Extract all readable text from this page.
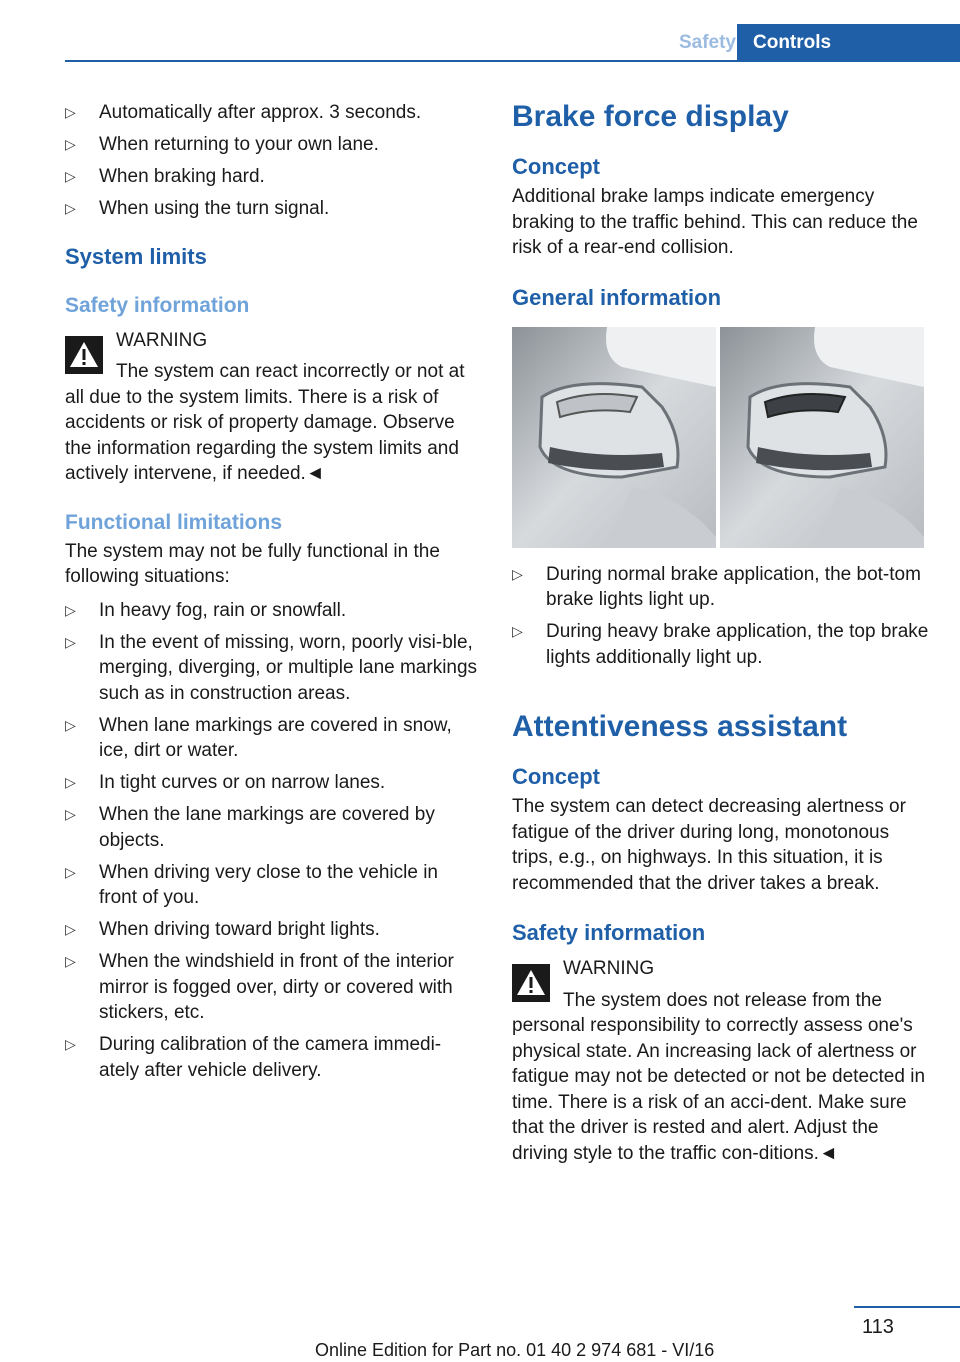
Safety Controls
▷ Automatically after approx. 3 seconds.
▷ When returning to your own lane.
▷ When braking hard.
▷ When using the turn signal.
System limits
Safety information
WARNING

The system can react incorrectly or not at all due to the system limits. There is a risk of accidents or risk of property damage. Observe the information regarding the system limits and actively intervene, if needed.◄

Functional limitations

The system may not be fully functional in the following situations:

▷ In heavy fog, rain or snowfall.
▷ In the event of missing, worn, poorly visi‐ble, merging, diverging, or multiple lane markings such as in construction areas.
▷ When lane markings are covered in snow, ice, dirt or water.
▷ In tight curves or on narrow lanes.
▷ When the lane markings are covered by objects.
▷ When driving very close to the vehicle in front of you.
▷ When driving toward bright lights.
▷ When the windshield in front of the interior mirror is fogged over, dirty or covered with stickers, etc.
▷ During calibration of the camera immedi‐ately after vehicle delivery.
Brake force display
Concept

Additional brake lamps indicate emergency braking to the traffic behind. This can reduce the risk of a rear-end collision.

General information
▷ During normal brake application, the bot‐tom brake lights light up.
▷ During heavy brake application, the top brake lights additionally light up.
Attentiveness assistant
Concept

The system can detect decreasing alertness or fatigue of the driver during long, monotonous trips, e.g., on highways. In this situation, it is recommended that the driver takes a break.

Safety information
WARNING

The system does not release from the personal responsibility to correctly assess one's physical state. An increasing lack of alertness or fatigue may not be detected or not be detected in time. There is a risk of an acci‐dent. Make sure that the driver is rested and alert. Adjust the driving style to the traffic con‐ditions.◄

113
Online Edition for Part no. 01 40 2 974 681 - VI/16
